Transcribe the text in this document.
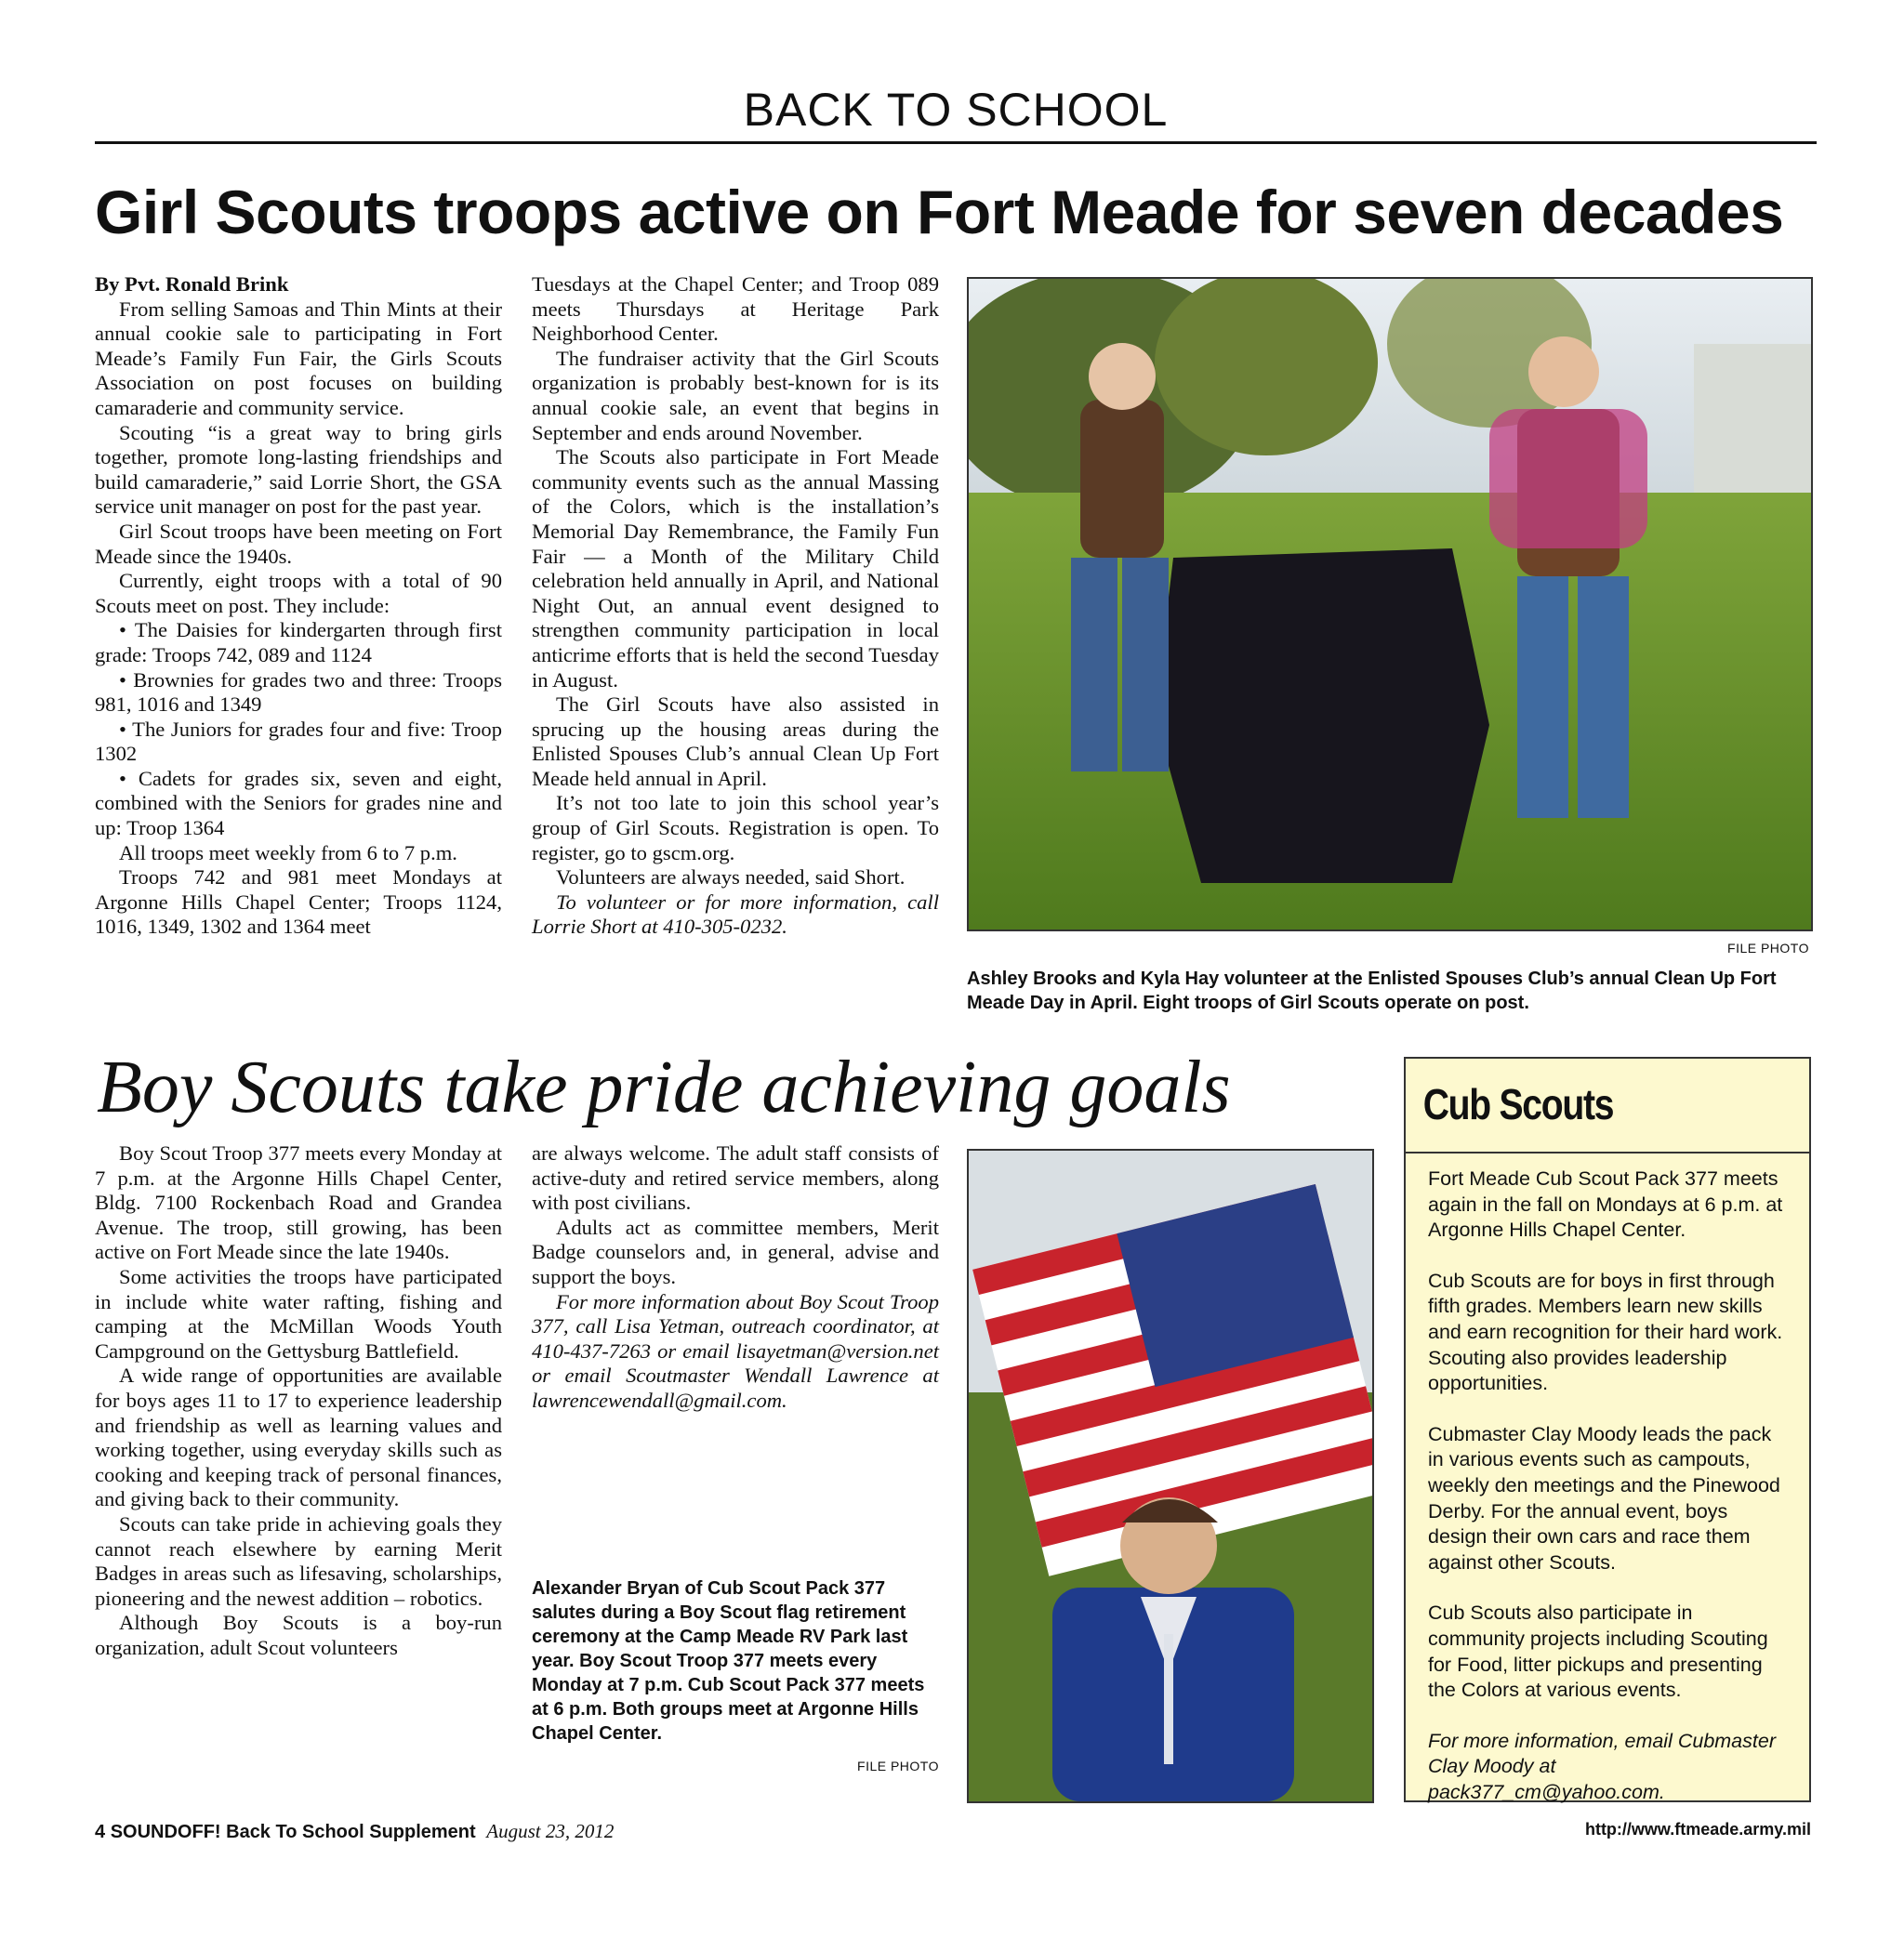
BACK TO SCHOOL
Girl Scouts troops active on Fort Meade for seven decades

By Pvt. Ronald Brink

From selling Samoas and Thin Mints at their annual cookie sale to participating in Fort Meade’s Family Fun Fair, the Girls Scouts Association on post focuses on building camaraderie and community service.

Scouting “is a great way to bring girls together, promote long-lasting friendships and build camaraderie,” said Lorrie Short, the GSA service unit manager on post for the past year.

Girl Scout troops have been meeting on Fort Meade since the 1940s.

Currently, eight troops with a total of 90 Scouts meet on post. They include:

• The Daisies for kindergarten through first grade: Troops 742, 089 and 1124

• Brownies for grades two and three: Troops 981, 1016 and 1349

• The Juniors for grades four and five: Troop 1302

• Cadets for grades six, seven and eight, combined with the Seniors for grades nine and up: Troop 1364

All troops meet weekly from 6 to 7 p.m.

Troops 742 and 981 meet Mondays at Argonne Hills Chapel Center; Troops 1124, 1016, 1349, 1302 and 1364 meet

Tuesdays at the Chapel Center; and Troop 089 meets Thursdays at Heritage Park Neighborhood Center.

The fundraiser activity that the Girl Scouts organization is probably best-known for is its annual cookie sale, an event that begins in September and ends around November.

The Scouts also participate in Fort Meade community events such as the annual Massing of the Colors, which is the installation’s Memorial Day Remembrance, the Family Fun Fair — a Month of the Military Child celebration held annually in April, and National Night Out, an annual event designed to strengthen community participation in local anticrime efforts that is held the second Tuesday in August.

The Girl Scouts have also assisted in sprucing up the housing areas during the Enlisted Spouses Club’s annual Clean Up Fort Meade held annual in April.

It’s not too late to join this school year’s group of Girl Scouts. Registration is open. To register, go to gscm.org.

Volunteers are always needed, said Short.

To volunteer or for more information, call Lorrie Short at 410-305-0232.

FILE PHOTO
Ashley Brooks and Kyla Hay volunteer at the Enlisted Spouses Club’s annual Clean Up Fort Meade Day in April. Eight troops of Girl Scouts operate on post.
Boy Scouts take pride achieving goals

Boy Scout Troop 377 meets every Monday at 7 p.m. at the Argonne Hills Chapel Center, Bldg. 7100 Rockenbach Road and Grandea Avenue. The troop, still growing, has been active on Fort Meade since the late 1940s.

Some activities the troops have participated in include white water rafting, fishing and camping at the McMillan Woods Youth Campground on the Gettysburg Battlefield.

A wide range of opportunities are available for boys ages 11 to 17 to experience leadership and friendship as well as learning values and working together, using everyday skills such as cooking and keeping track of personal finances, and giving back to their community.

Scouts can take pride in achieving goals they cannot reach elsewhere by earning Merit Badges in areas such as lifesaving, scholarships, pioneering and the newest addition – robotics.

Although Boy Scouts is a boy-run organization, adult Scout volunteers

are always welcome. The adult staff consists of active-duty and retired service members, along with post civilians.

Adults act as committee members, Merit Badge counselors and, in general, advise and support the boys.

For more information about Boy Scout Troop 377, call Lisa Yetman, outreach coordinator, at 410-437-7263 or email lisayetman@version.net or email Scoutmaster Wendall Lawrence at lawrencewendall@gmail.com.

Alexander Bryan of Cub Scout Pack 377 salutes during a Boy Scout flag retirement ceremony at the Camp Meade RV Park last year. Boy Scout Troop 377 meets every Monday at 7 p.m. Cub Scout Pack 377 meets at 6 p.m. Both groups meet at Argonne Hills Chapel Center.
FILE PHOTO
Cub Scouts

Fort Meade Cub Scout Pack 377 meets again in the fall on Mondays at 6 p.m. at Argonne Hills Chapel Center.

Cub Scouts are for boys in first through fifth grades. Members learn new skills and earn recognition for their hard work. Scouting also provides leadership opportunities.

Cubmaster Clay Moody leads the pack in various events such as campouts, weekly den meetings and the Pinewood Derby. For the annual event, boys design their own cars and race them against other Scouts.

Cub Scouts also participate in community projects including Scouting for Food, litter pickups and presenting the Colors at various events.

For more information, email Cubmaster Clay Moody at pack377_cm@yahoo.com.

4 SOUNDOFF! Back To School Supplement August 23, 2012	http://www.ftmeade.army.mil
